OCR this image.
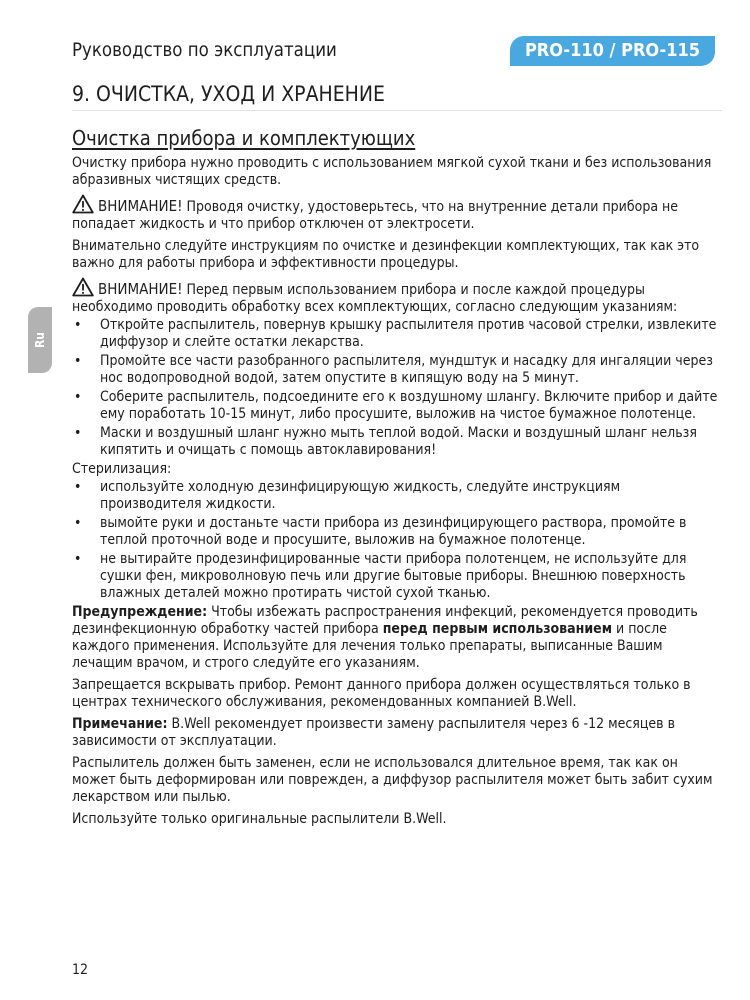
Руководство по эксплуатации	PRO-110 / PRO-115
Ru
9. ОЧИСТКА, УХОД И ХРАНЕНИЕ
Очистка прибора и комплектующих

Очистку прибора нужно проводить с использованием мягкой сухой ткани и без использования абразивных чистящих средств.

ВНИМАНИЕ! Проводя очистку, удостоверьтесь, что на внутренние детали прибора не попадает жидкость и что прибор отключен от электросети.

Внимательно следуйте инструкциям по очистке и дезинфекции комплектующих, так как это важно для работы прибора и эффективности процедуры.

ВНИМАНИЕ! Перед первым использованием прибора и после каждой процедуры необходимо проводить обработку всех комплектующих, согласно следующим указаниям:

• Откройте распылитель, повернув крышку распылителя против часовой стрелки, извлеките диффузор и слейте остатки лекарства.
• Промойте все части разобранного распылителя, мундштук и насадку для ингаляции через нос водопроводной водой, затем опустите в кипящую воду на 5 минут.
• Соберите распылитель, подсоедините его к воздушному шлангу. Включите прибор и дайте ему поработать 10-15 минут, либо просушите, выложив на чистое бумажное полотенце.
• Маски и воздушный шланг нужно мыть теплой водой. Маски и воздушный шланг нельзя кипятить и очищать с помощь автоклавирования!

Стерилизация:

• используйте холодную дезинфицирующую жидкость, следуйте инструкциям производителя жидкости.
• вымойте руки и достаньте части прибора из дезинфицирующего раствора, промойте в теплой проточной воде и просушите, выложив на бумажное полотенце.
• не вытирайте продезинфицированные части прибора полотенцем, не используйте для сушки фен, микроволновую печь или другие бытовые приборы. Внешнюю поверхность влажных деталей можно протирать чистой сухой тканью.

Предупреждение: Чтобы избежать распространения инфекций, рекомендуется проводить дезинфекционную обработку частей прибора перед первым использованием и после каждого применения. Используйте для лечения только препараты, выписанные Вашим лечащим врачом, и строго следуйте его указаниям.

Запрещается вскрывать прибор. Ремонт данного прибора должен осуществляться только в центрах технического обслуживания, рекомендованных компанией B.Well.

Примечание: B.Well рекомендует произвести замену распылителя через 6 -12 месяцев в зависимости от эксплуатации.

Распылитель должен быть заменен, если не использовался длительное время, так как он может быть деформирован или поврежден, а диффузор распылителя может быть забит сухим лекарством или пылью.

Используйте только оригинальные распылители B.Well.

12
